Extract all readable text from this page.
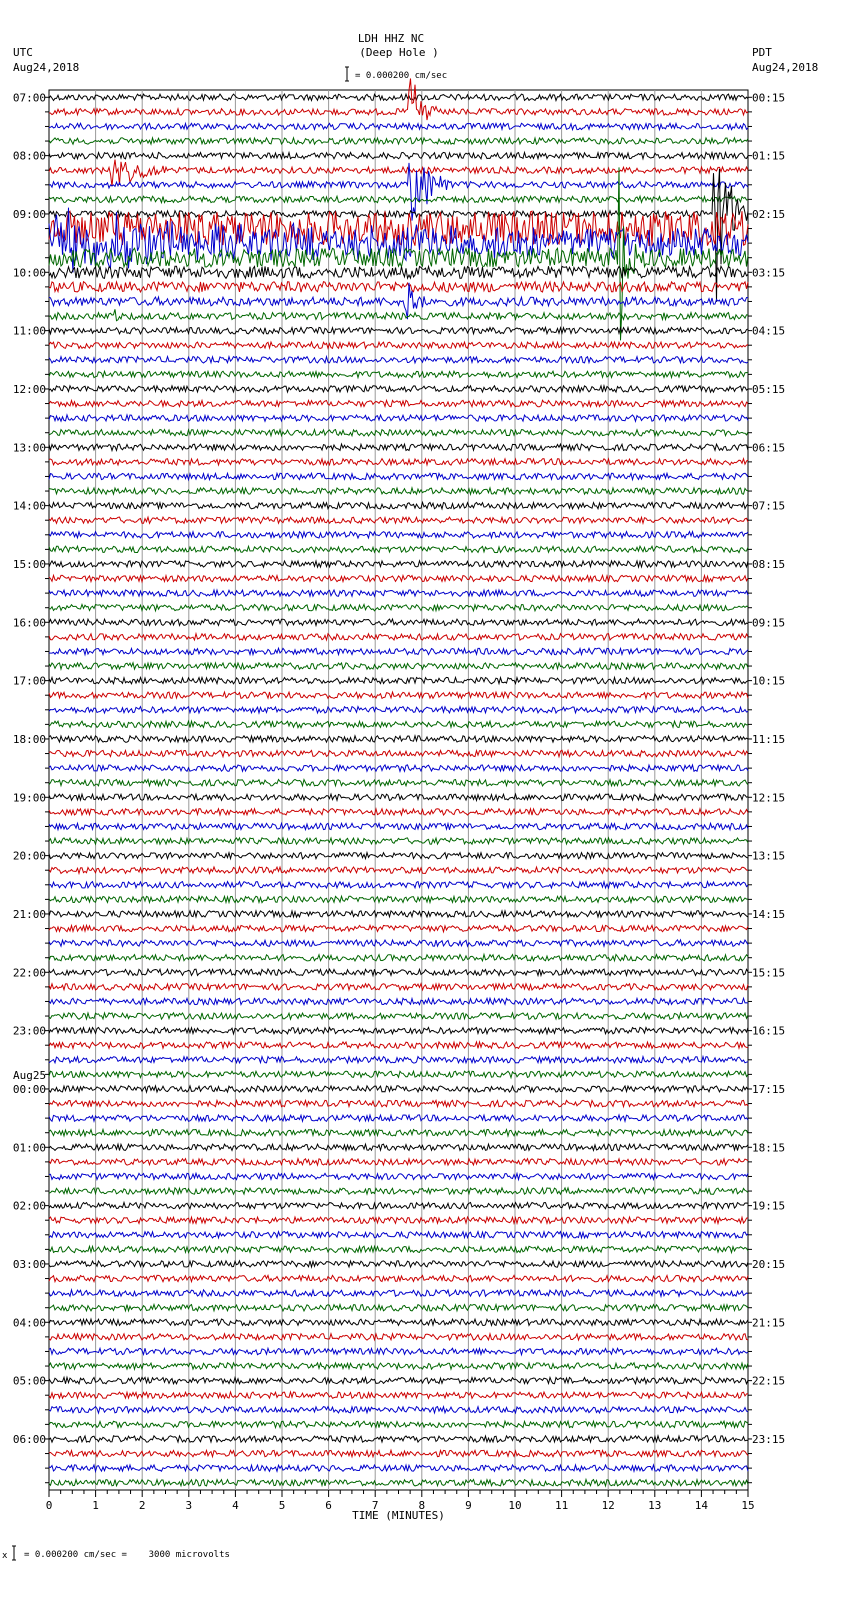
LDH HHZ NC
(Deep Hole )
= 0.000200 cm/sec
UTC
Aug24,2018
PDT
Aug24,2018
07:00
08:00
09:00
10:00
11:00
12:00
13:00
14:00
15:00
16:00
17:00
18:00
19:00
20:00
21:00
22:00
23:00
00:00
Aug25
01:00
02:00
03:00
04:00
05:00
06:00
00:15
01:15
02:15
03:15
04:15
05:15
06:15
07:15
08:15
09:15
10:15
11:15
12:15
13:15
14:15
15:15
16:15
17:15
18:15
19:15
20:15
21:15
22:15
23:15
0	1	2	3	4	5	6	7	8	9	10	11	12	13	14	15
TIME (MINUTES)
x = 0.000200 cm/sec =    3000 microvolts
